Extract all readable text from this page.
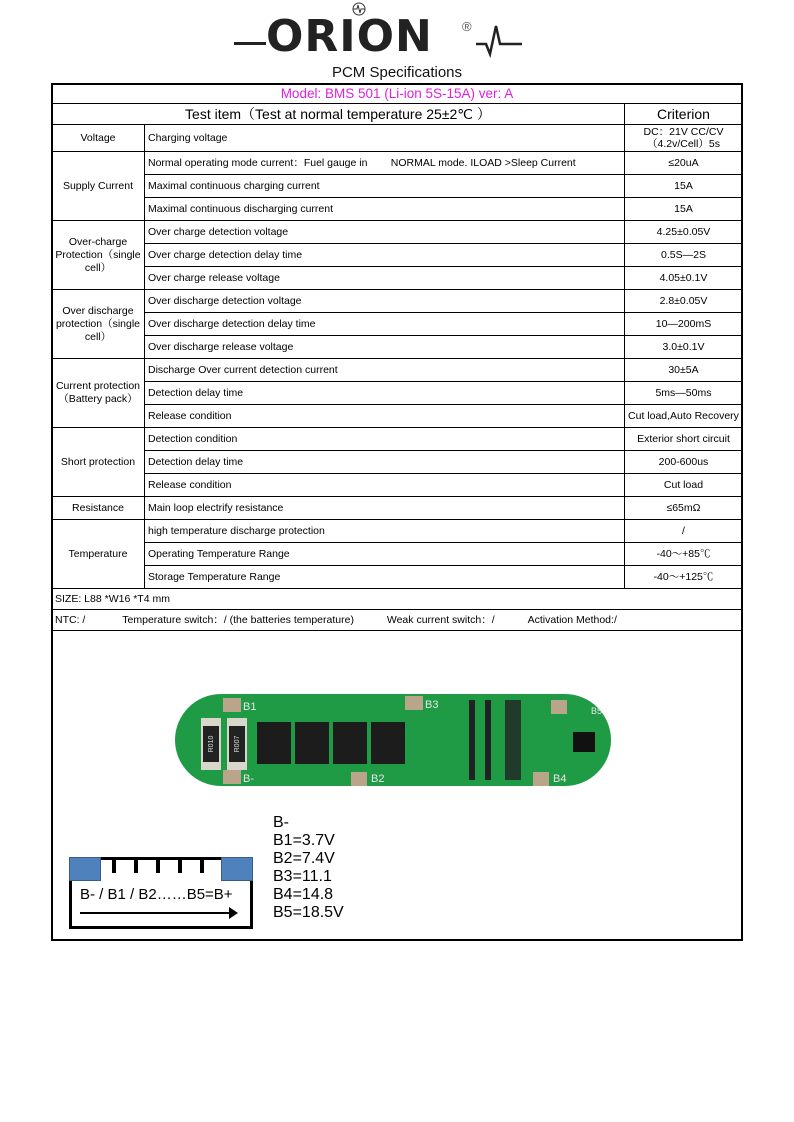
ORION ®
PCM Specifications
Model: BMS 501 (Li-ion 5S-15A) ver: A		
Test item（Test at normal temperature 25±2℃ ）		Criterion
Voltage	Charging voltage	DC：21V CC/CV（4.2v/Cell）5s
Supply Current	Normal operating mode current：Fuel gauge in        NORMAL mode. ILOAD >Sleep Current	≤20uA
	Maximal continuous charging current	15A
	Maximal continuous discharging current	15A
Over-charge Protection（single cell）	Over charge detection voltage	4.25±0.05V
	Over charge detection delay time	0.5S—2S
	Over charge release voltage	4.05±0.1V
Over discharge protection（single cell）	Over discharge detection voltage	2.8±0.05V
	Over discharge detection delay time	10—200mS
	Over discharge release voltage	3.0±0.1V
Current protection（Battery pack）	Discharge Over current detection current	30±5A
	Detection delay time	5ms—50ms
	Release condition	Cut load,Auto Recovery
Short protection	Detection condition	Exterior short circuit
	Detection delay time	200-600us
	Release condition	Cut load
Resistance	Main loop electrify resistance	≤65mΩ
Temperature	high temperature discharge protection	/
	Operating Temperature Range	-40～+85℃
	Storage Temperature Range	-40～+125℃
SIZE: L88 *W16 *T4 mm		
NTC: / Temperature switch：/ (the batteries temperature) Weak current switch：/ Activation Method:/		
R010	R007
B1
B-	B2
B3
B4
B5
B- / B1 / B2……B5=B+
B-
B1=3.7V
B2=7.4V
B3=11.1
B4=14.8
B5=18.5V
